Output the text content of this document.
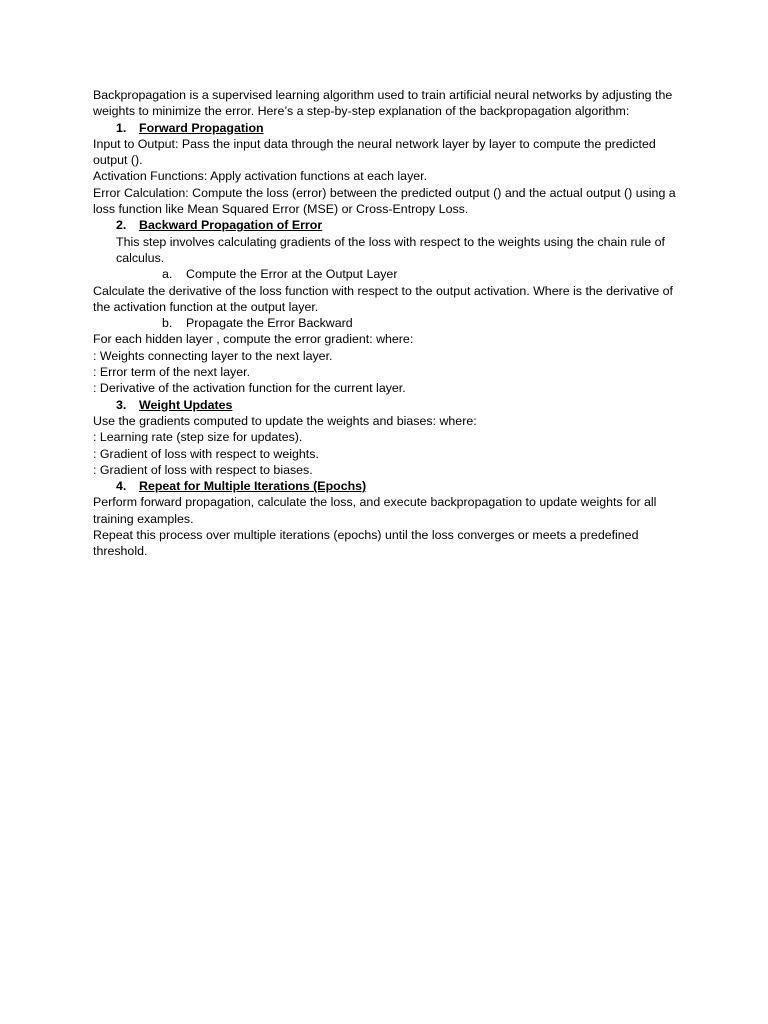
Backpropagation is a supervised learning algorithm used to train artificial neural networks by adjusting the weights to minimize the error. Here’s a step-by-step explanation of the backpropagation algorithm:

1. Forward Propagation

Input to Output: Pass the input data through the neural network layer by layer to compute the predicted output ().

Activation Functions: Apply activation functions at each layer.

Error Calculation: Compute the loss (error) between the predicted output () and the actual output () using a loss function like Mean Squared Error (MSE) or Cross-Entropy Loss.

2. Backward Propagation of Error

This step involves calculating gradients of the loss with respect to the weights using the chain rule of calculus.

a. Compute the Error at the Output Layer

Calculate the derivative of the loss function with respect to the output activation. Where is the derivative of the activation function at the output layer.

b. Propagate the Error Backward

For each hidden layer , compute the error gradient: where:

: Weights connecting layer to the next layer.

: Error term of the next layer.

: Derivative of the activation function for the current layer.

3. Weight Updates

Use the gradients computed to update the weights and biases: where:

: Learning rate (step size for updates).

: Gradient of loss with respect to weights.

: Gradient of loss with respect to biases.

4. Repeat for Multiple Iterations (Epochs)

Perform forward propagation, calculate the loss, and execute backpropagation to update weights for all training examples.

Repeat this process over multiple iterations (epochs) until the loss converges or meets a predefined threshold.
